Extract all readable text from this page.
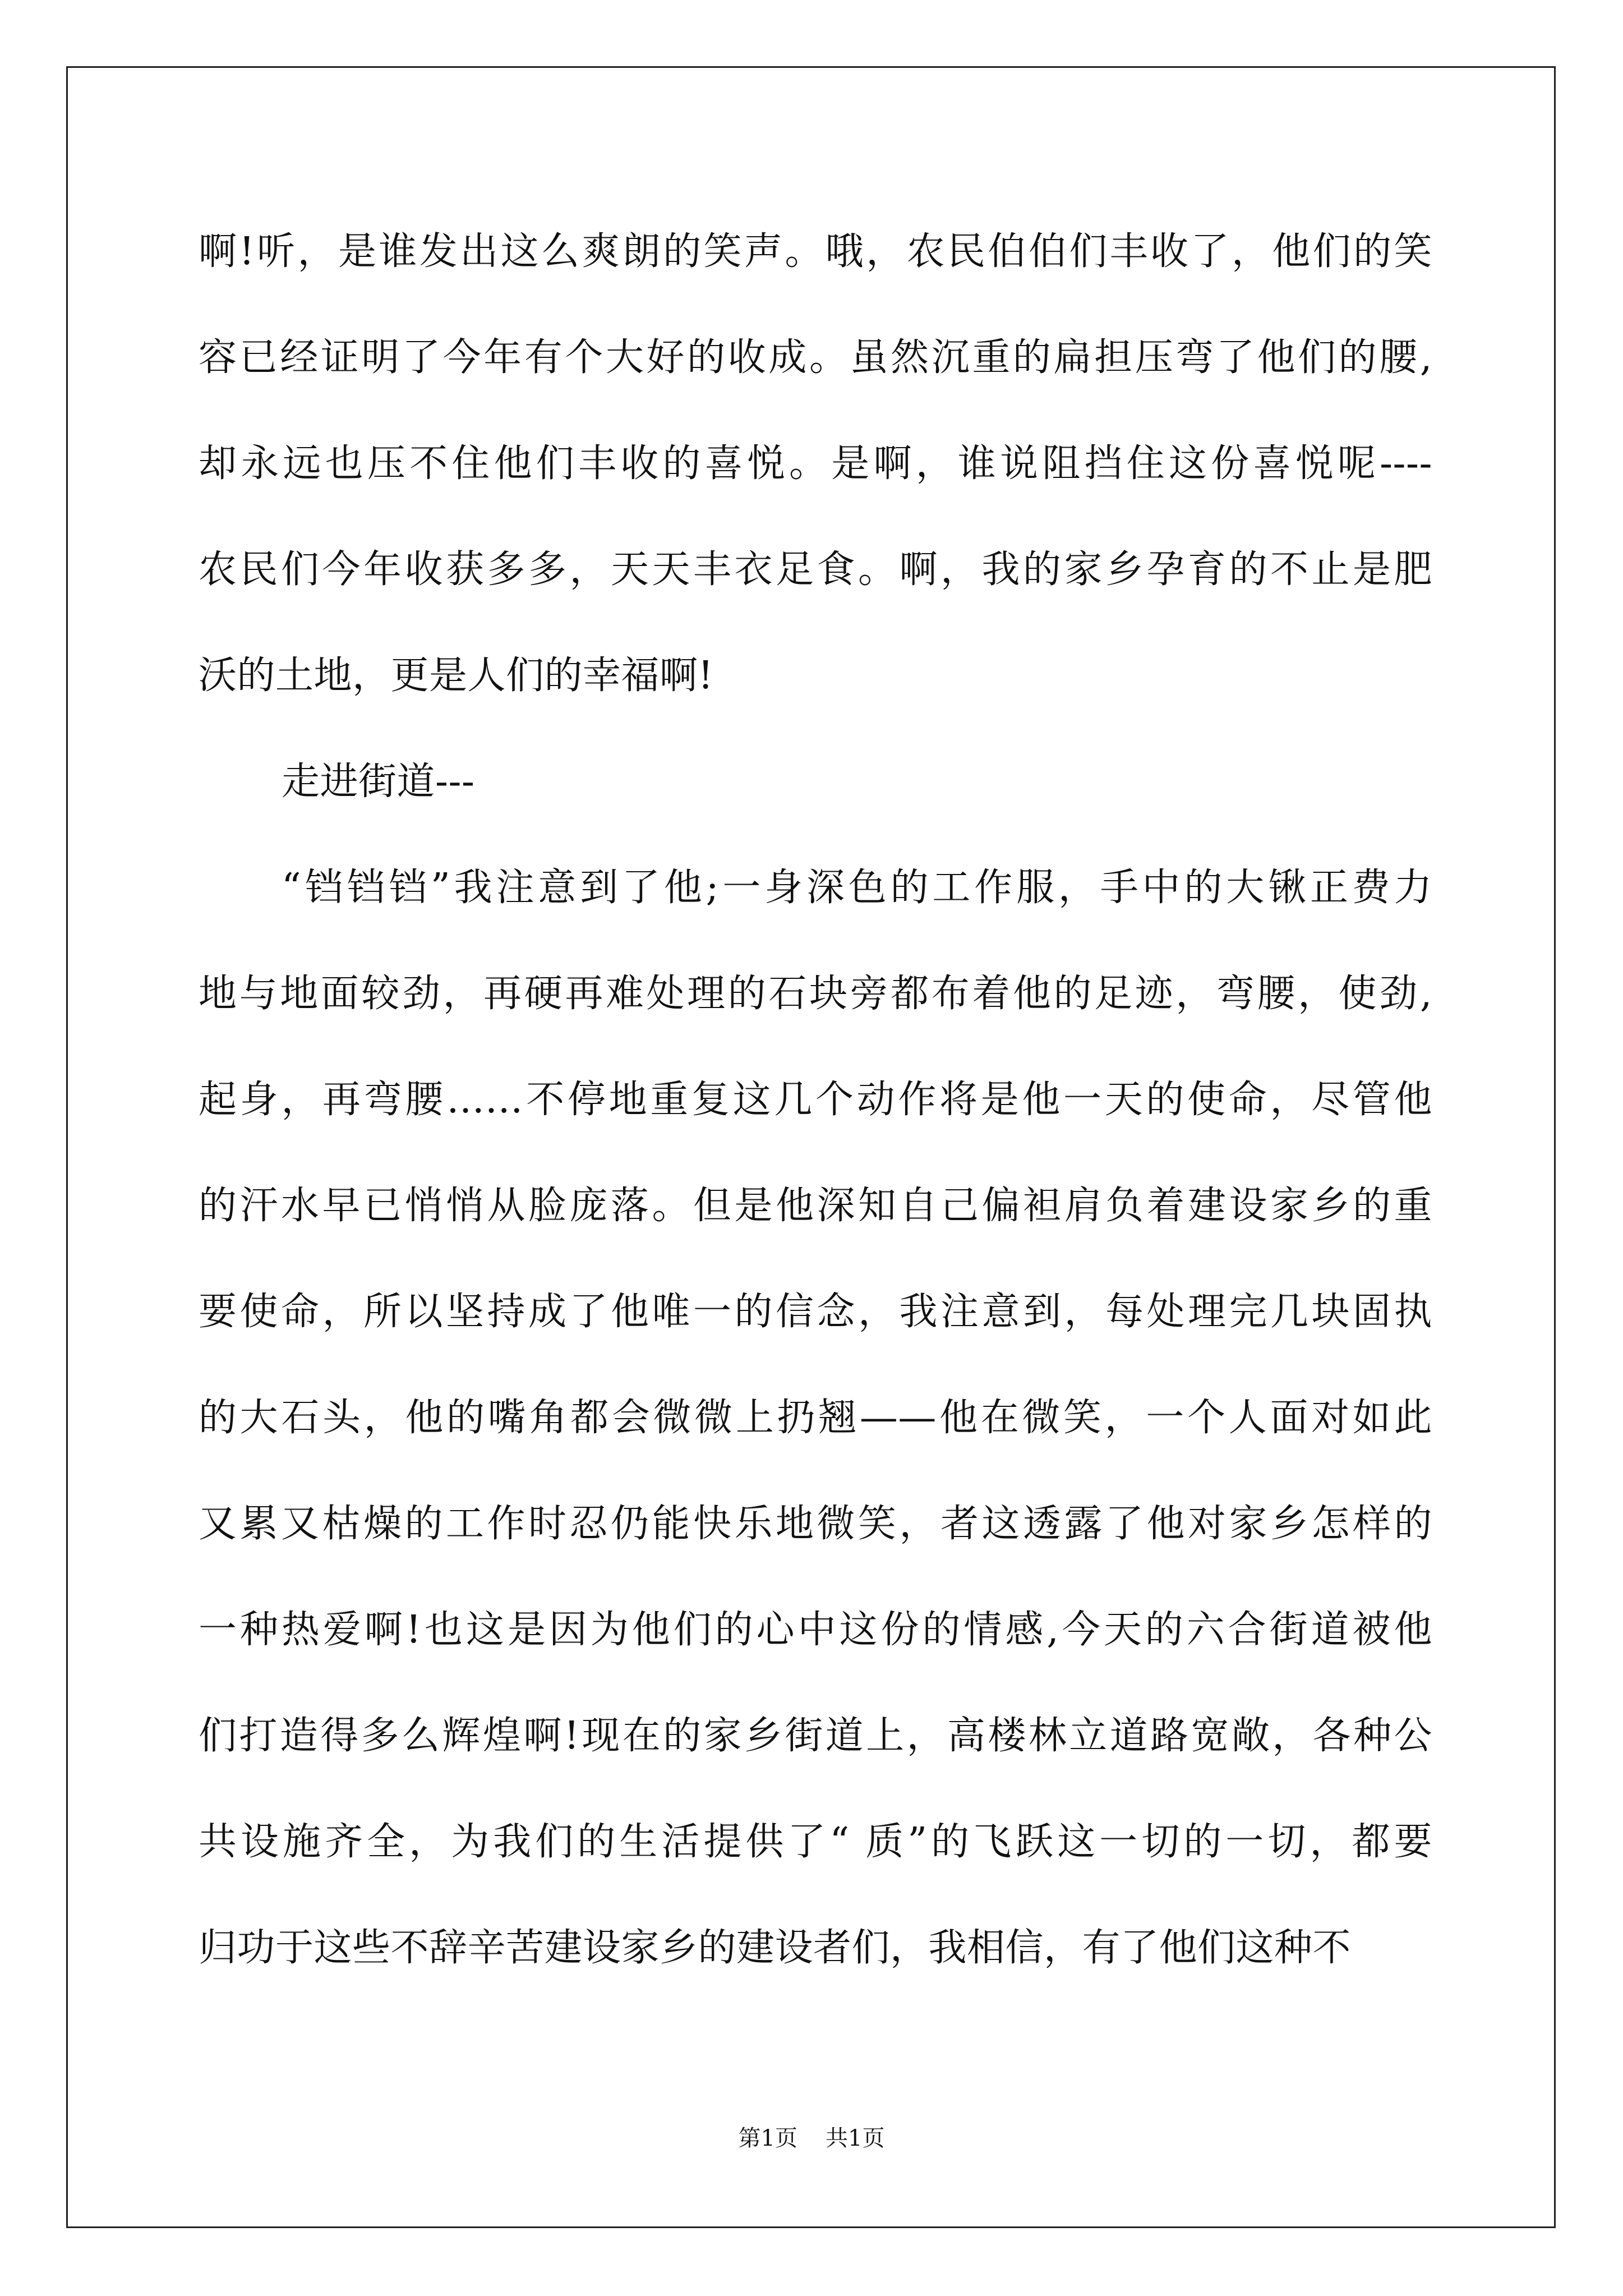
啊!听，是谁发出这么爽朗的笑声。哦，农民伯伯们丰收了，他们的笑
容已经证明了今年有个大好的收成。虽然沉重的扁担压弯了他们的腰,
却永远也压不住他们丰收的喜悦。是啊，谁说阻挡住这份喜悦呢----
农民们今年收获多多，天天丰衣足食。啊，我的家乡孕育的不止是肥
沃的土地，更是人们的幸福啊!
走进街道---
“铛铛铛”我注意到了他;一身深色的工作服，手中的大锹正费力
地与地面较劲，再硬再难处理的石块旁都布着他的足迹，弯腰，使劲,
起身，再弯腰……不停地重复这几个动作将是他一天的使命，尽管他
的汗水早已悄悄从脸庞落。但是他深知自己偏袒肩负着建设家乡的重
要使命，所以坚持成了他唯一的信念，我注意到，每处理完几块固执
的大石头，他的嘴角都会微微上扔翘——他在微笑，一个人面对如此
又累又枯燥的工作时忍仍能快乐地微笑，者这透露了他对家乡怎样的
一种热爱啊!也这是因为他们的心中这份的情感,今天的六合街道被他
们打造得多么辉煌啊!现在的家乡街道上，高楼林立道路宽敞，各种公
共设施齐全，为我们的生活提供了“ 质”的飞跃这一切的一切，都要
归功于这些不辞辛苦建设家乡的建设者们，我相信，有了他们这种不
第1页 共1页
